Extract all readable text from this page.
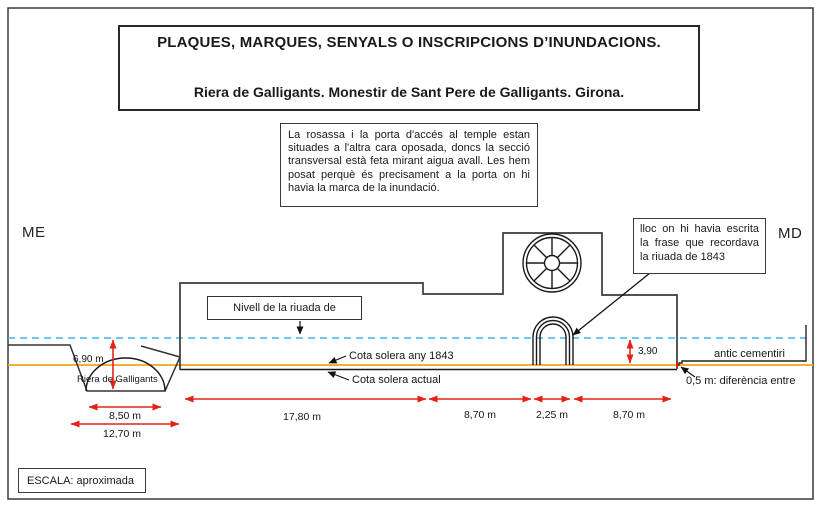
PLAQUES, MARQUES, SENYALS O INSCRIPCIONS D’INUNDACIONS.
Riera de Galligants. Monestir de Sant Pere de Galligants. Girona.
La rosassa i la porta d'accés al temple estan situades a l'altra cara oposada, doncs la secció transversal està feta mirant aigua avall. Les hem posat perquè és precisament a la porta on hi havia la marca de la inundació.
lloc on hi havia escrita la frase que recordava la riuada de 1843
ME	MD
Nivell de la riuada de
Cota solera any 1843
Cota solera actual
Riera de Galligants
antic cementiri
0,5 m: diferència entre
6,90 m
3,90
8,50 m
12,70 m
17,80 m	8,70 m	2,25 m	8,70 m
ESCALA: aproximada
